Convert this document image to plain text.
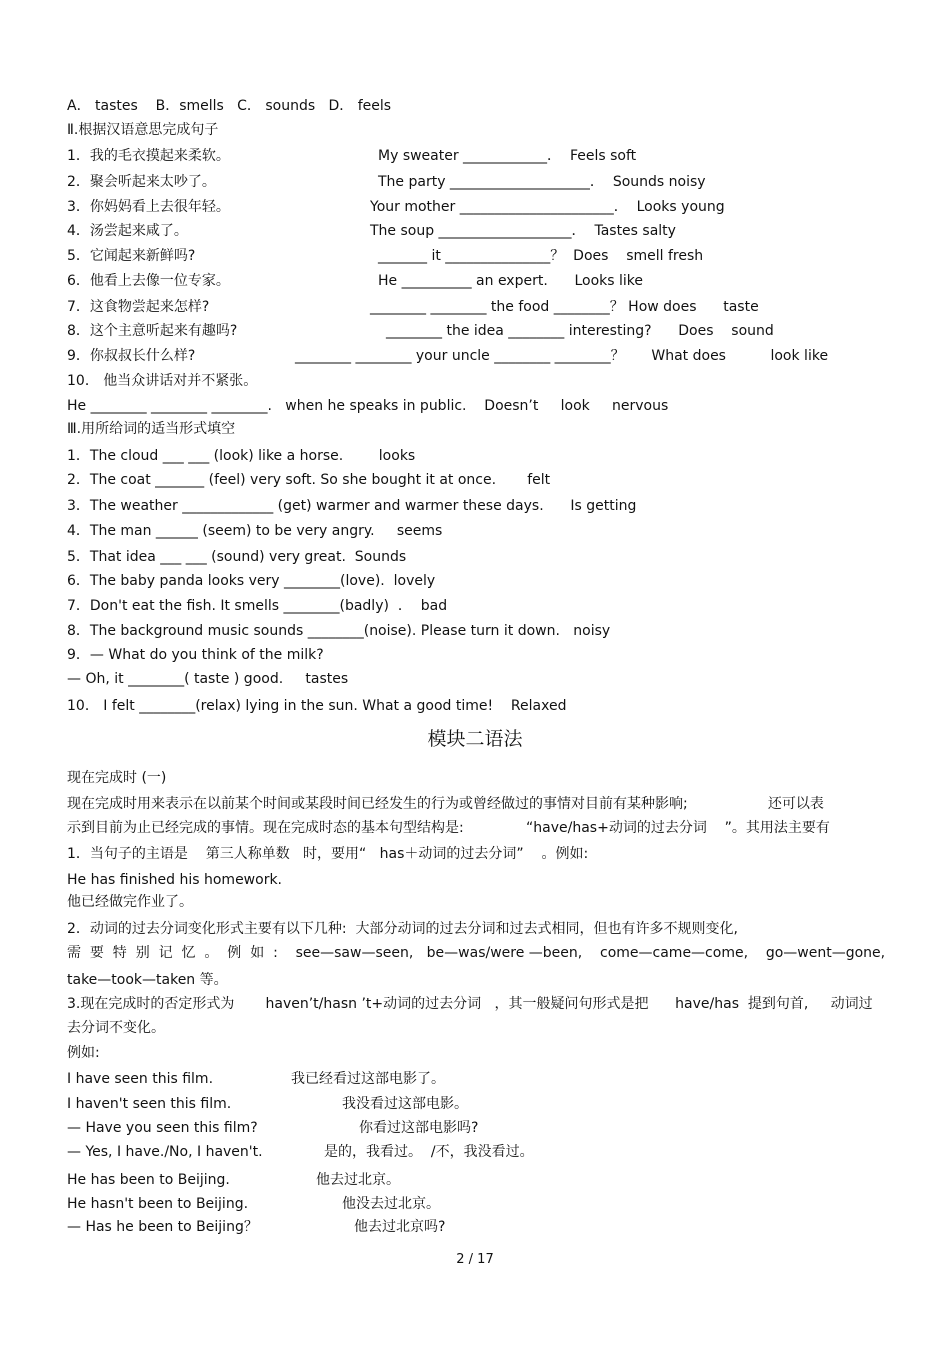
A． tastes    B．smells   C． sounds   D． feels
Ⅱ.根据汉语意思完成句子
1．我的毛衣摸起来柔软。	My sweater ____________．  Feels soft
2．聚会听起来太吵了。	The party ____________________．  Sounds noisy
3．你妈妈看上去很年轻。	Your mother ______________________．  Looks young
4．汤尝起来咸了。	The soup ___________________．  Tastes salty
5．它闻起来新鲜吗?	_______ it _______________？  Does    smell fresh
6．他看上去像一位专家。	He __________ an expert.      Looks like
7．这食物尝起来怎样?	________ ________ the food ________？ How does      taste
8．这个主意听起来有趣吗?	________ the idea ________ interesting?      Does    sound
9．你叔叔长什么样?	________ ________ your uncle ________ ________？      What does          look like
10． 他当众讲话对并不紧张。
He ________ ________ ________.   when he speaks in public.    Doesn’t     look     nervous
Ⅲ.用所给词的适当形式填空
1．The cloud ___ ___ (look) like a horse.        looks
2．The coat _______ (feel) very soft. So she bought it at once.       felt
3．The weather _____________ (get) warmer and warmer these days.      Is getting
4．The man ______ (seem) to be very angry.     seems
5．That idea ___ ___ (sound) very great.  Sounds
6．The baby panda looks very ________(love).  lovely
7．Don't eat the fish. It smells ________(badly)  ．  bad
8．The background music sounds ________(noise). Please turn it down.   noisy
9．— What do you think of the milk?
— Oh, it ________( taste ) good.     tastes
10． I felt ________(relax) lying in the sun. What a good time!    Relaxed
模块二语法
现在完成时 (一)
现在完成时用来表示在以前某个时间或某段时间已经发生的行为或曾经做过的事情对目前有某种影响;                  还可以表
示到目前为止已经完成的事情。现在完成时态的基本句型结构是:              “have/has+动词的过去分词    ”。其用法主要有
1．当句子的主语是    第三人称单数   时，要用“   has＋动词的过去分词”    。例如:
He has finished his homework.
他已经做完作业了。
2．动词的过去分词变化形式主要有以下几种:  大部分动词的过去分词和过去式相同，但也有许多不规则变化,
需  要  特  别  记  忆  。  例  如  :    see—saw—seen,   be—was/were —been,    come—came—come,    go—went—gone,
take—took—taken 等。
3.现在完成时的否定形式为       haven’t/hasn ’t+动词的过去分词   ，其一般疑问句形式是把      have/has  提到句首,     动词过
去分词不变化。
例如:
I have seen this film.	我已经看过这部电影了。
I haven't seen this film.	我没看过这部电影。
— Have you seen this film?	你看过这部电影吗?
— Yes, I have./No, I haven't.	是的，我看过。  /不，我没看过。
He has been to Beijing.	他去过北京。
He hasn't been to Beijing.	他没去过北京。
— Has he been to Beijing？	他去过北京吗?
2 / 17
